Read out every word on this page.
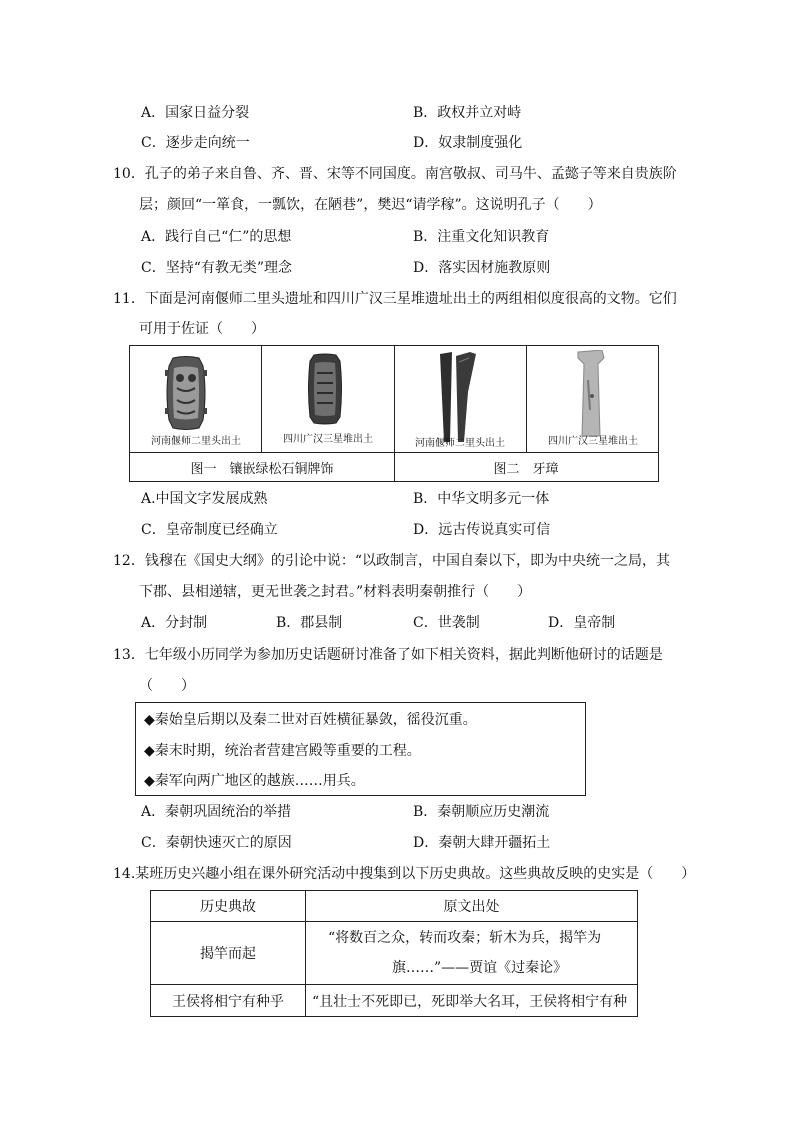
A．国家日益分裂	B．政权并立对峙
C．逐步走向统一	D．奴隶制度强化
10．孔子的弟子来自鲁、齐、晋、宋等不同国度。南宫敬叔、司马牛、孟懿子等来自贵族阶
层；颜回“一箪食，一瓢饮，在陋巷”，樊迟“请学稼”。这说明孔子（　　）
A．践行自己“仁”的思想	B．注重文化知识教育
C．坚持“有教无类”理念	D．落实因材施教原则
11．下面是河南偃师二里头遗址和四川广汉三星堆遗址出土的两组相似度很高的文物。它们
可用于佐证（　　）
河南偃师二里头出土	四川广汉三星堆出土	河南偃师二里头出土	四川广汉三星堆出土
图一　镶嵌绿松石铜牌饰	图二　牙璋
A.中国文字发展成熟	B．中华文明多元一体
C．皇帝制度已经确立	D．远古传说真实可信
12．钱穆在《国史大纲》的引论中说：“以政制言，中国自秦以下，即为中央统一之局，其
下郡、县相递辖，更无世袭之封君。”材料表明秦朝推行（　　）
A．分封制	B．郡县制	C．世袭制	D．皇帝制
13．七年级小历同学为参加历史话题研讨准备了如下相关资料，据此判断他研讨的话题是
（　　）
◆秦始皇后期以及秦二世对百姓横征暴敛，徭役沉重。
◆秦末时期，统治者营建宫殿等重要的工程。
◆秦军向两广地区的越族……用兵。
A．秦朝巩固统治的举措	B．秦朝顺应历史潮流
C．秦朝快速灭亡的原因	D．秦朝大肆开疆拓土
14.某班历史兴趣小组在课外研究活动中搜集到以下历史典故。这些典故反映的史实是（　　）
历史典故	原文出处
揭竿而起	“将数百之众，转而攻秦；斩木为兵，揭竿为
旗……”——贾谊《过秦论》

王侯将相宁有种乎	“且壮士不死即已，死即举大名耳，王侯将相宁有种
